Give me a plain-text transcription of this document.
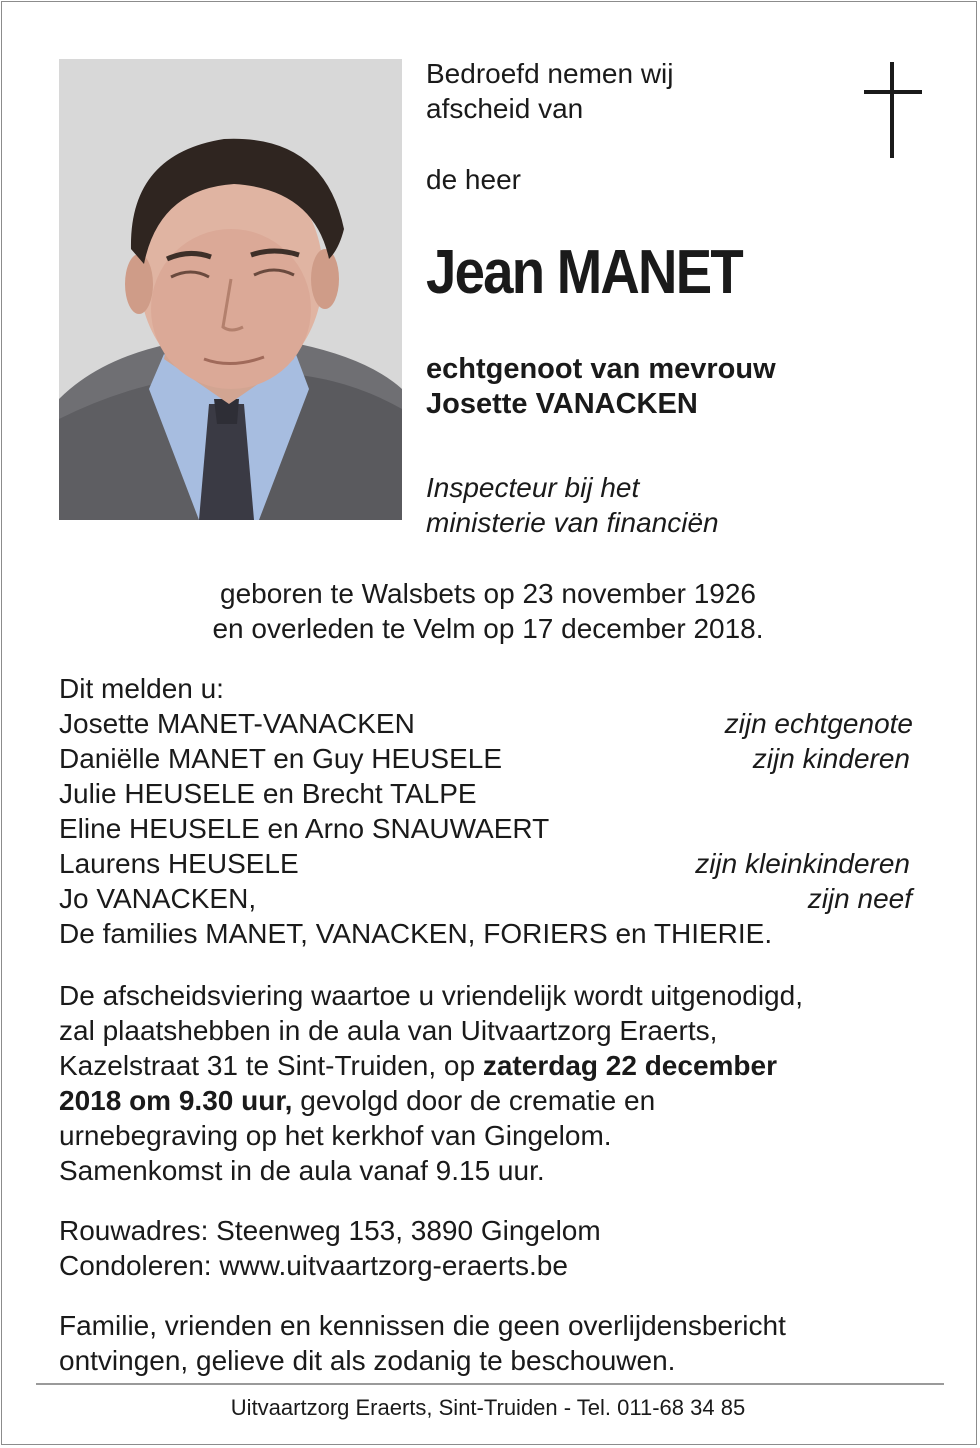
Bedroefd nemen wij
afscheid van
de heer
Jean MANET
echtgenoot van mevrouw
Josette VANACKEN
Inspecteur bij het
ministerie van financiën
geboren te Walsbets op 23 november 1926
en overleden te Velm op 17 december 2018.
Dit melden u:
Josette MANET-VANACKEN	zijn echtgenote
Daniëlle MANET en Guy HEUSELE	zijn kinderen
Julie HEUSELE en Brecht TALPE
Eline HEUSELE en Arno SNAUWAERT
Laurens HEUSELE	zijn kleinkinderen
Jo VANACKEN,	zijn neef
De families MANET, VANACKEN, FORIERS en THIERIE.
De afscheidsviering waartoe u vriendelijk wordt uitgenodigd,
zal plaatshebben in de aula van Uitvaartzorg Eraerts,
Kazelstraat 31 te Sint-Truiden, op zaterdag 22 december
2018 om 9.30 uur, gevolgd door de crematie en
urnebegraving op het kerkhof van Gingelom.
Samenkomst in de aula vanaf 9.15 uur.
Rouwadres: Steenweg 153, 3890 Gingelom
Condoleren: www.uitvaartzorg-eraerts.be
Familie, vrienden en kennissen die geen overlijdensbericht
ontvingen, gelieve dit als zodanig te beschouwen.
Uitvaartzorg Eraerts, Sint-Truiden - Tel. 011-68 34 85
